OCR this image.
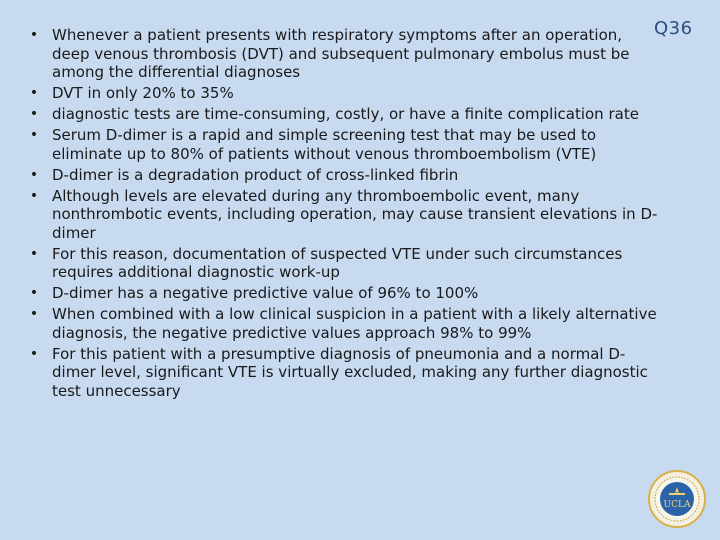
Q36
• Whenever a patient presents with respiratory symptoms after an operation, deep venous thrombosis (DVT) and subsequent pulmonary embolus must be among the differential diagnoses
• DVT in only 20% to 35%
• diagnostic tests are time-consuming, costly, or have a finite complication rate
• Serum D-dimer is a rapid and simple screening test that may be used to eliminate up to 80% of patients without venous thromboembolism (VTE)
• D-dimer is a degradation product of cross-linked fibrin
• Although levels are elevated during any thromboembolic event, many nonthrombotic events, including operation, may cause transient elevations in D-dimer
• For this reason, documentation of suspected VTE under such circumstances requires additional diagnostic work-up
• D-dimer has a negative predictive value of 96% to 100%
• When combined with a low clinical suspicion in a patient with a likely alternative diagnosis, the negative predictive values approach 98% to 99%
• For this patient with a presumptive diagnosis of pneumonia and a normal D-dimer level, significant VTE is virtually excluded, making any further diagnostic test unnecessary
UCLA
